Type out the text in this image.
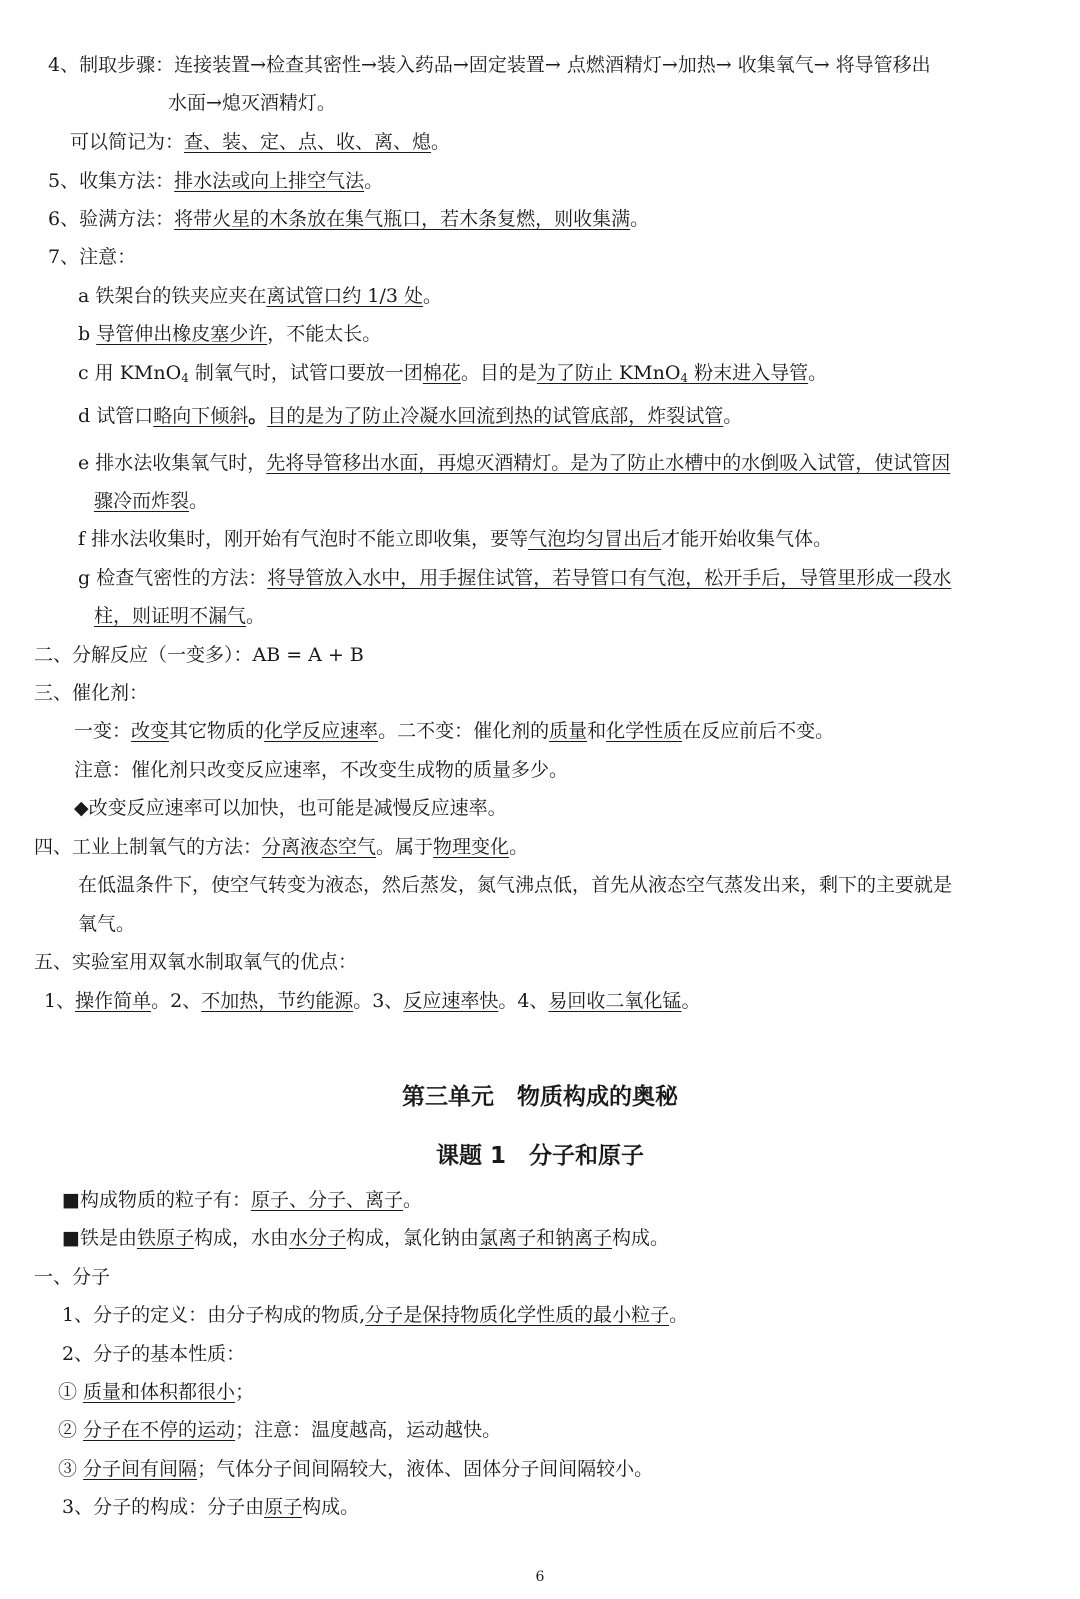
4、制取步骤：连接装置→检查其密性→装入药品→固定装置→ 点燃酒精灯→加热→ 收集氧气→ 将导管移出
水面→熄灭酒精灯。
可以简记为：查、装、定、点、收、离、熄。
5、收集方法：排水法或向上排空气法。
6、验满方法：将带火星的木条放在集气瓶口，若木条复燃，则收集满。
7、注意：
a 铁架台的铁夹应夹在离试管口约 1/3 处。
b 导管伸出橡皮塞少许，不能太长。
c 用 KMnO$_4$ 制氧气时，试管口要放一团棉花。目的是为了防止 KMnO$_4$ 粉末进入导管。
d 试管口略向下倾斜。目的是为了防止冷凝水回流到热的试管底部，炸裂试管。
e 排水法收集氧气时，先将导管移出水面，再熄灭酒精灯。是为了防止水槽中的水倒吸入试管，使试管因
骤冷而炸裂。
f 排水法收集时，刚开始有气泡时不能立即收集，要等气泡均匀冒出后才能开始收集气体。
g 检查气密性的方法：将导管放入水中，用手握住试管，若导管口有气泡，松开手后，导管里形成一段水
柱，则证明不漏气。
二、分解反应（一变多）：AB = A + B
三、催化剂：
一变：改变其它物质的化学反应速率。二不变：催化剂的质量和化学性质在反应前后不变。
注意：催化剂只改变反应速率，不改变生成物的质量多少。
◆改变反应速率可以加快，也可能是减慢反应速率。
四、工业上制氧气的方法：分离液态空气。属于物理变化。
在低温条件下，使空气转变为液态，然后蒸发，氮气沸点低，首先从液态空气蒸发出来，剩下的主要就是
氧气。
五、实验室用双氧水制取氧气的优点：
1、操作简单。2、不加热，节约能源。3、反应速率快。4、易回收二氧化锰。
第三单元　物质构成的奥秘
课题 1　分子和原子
■构成物质的粒子有：原子、分子、离子。
■铁是由铁原子构成，水由水分子构成，氯化钠由氯离子和钠离子构成。
一、分子
1、分子的定义：由分子构成的物质,分子是保持物质化学性质的最小粒子。
2、分子的基本性质：
① 质量和体积都很小；
② 分子在不停的运动；注意：温度越高，运动越快。
③ 分子间有间隔；气体分子间间隔较大，液体、固体分子间间隔较小。
3、分子的构成：分子由原子构成。
6
